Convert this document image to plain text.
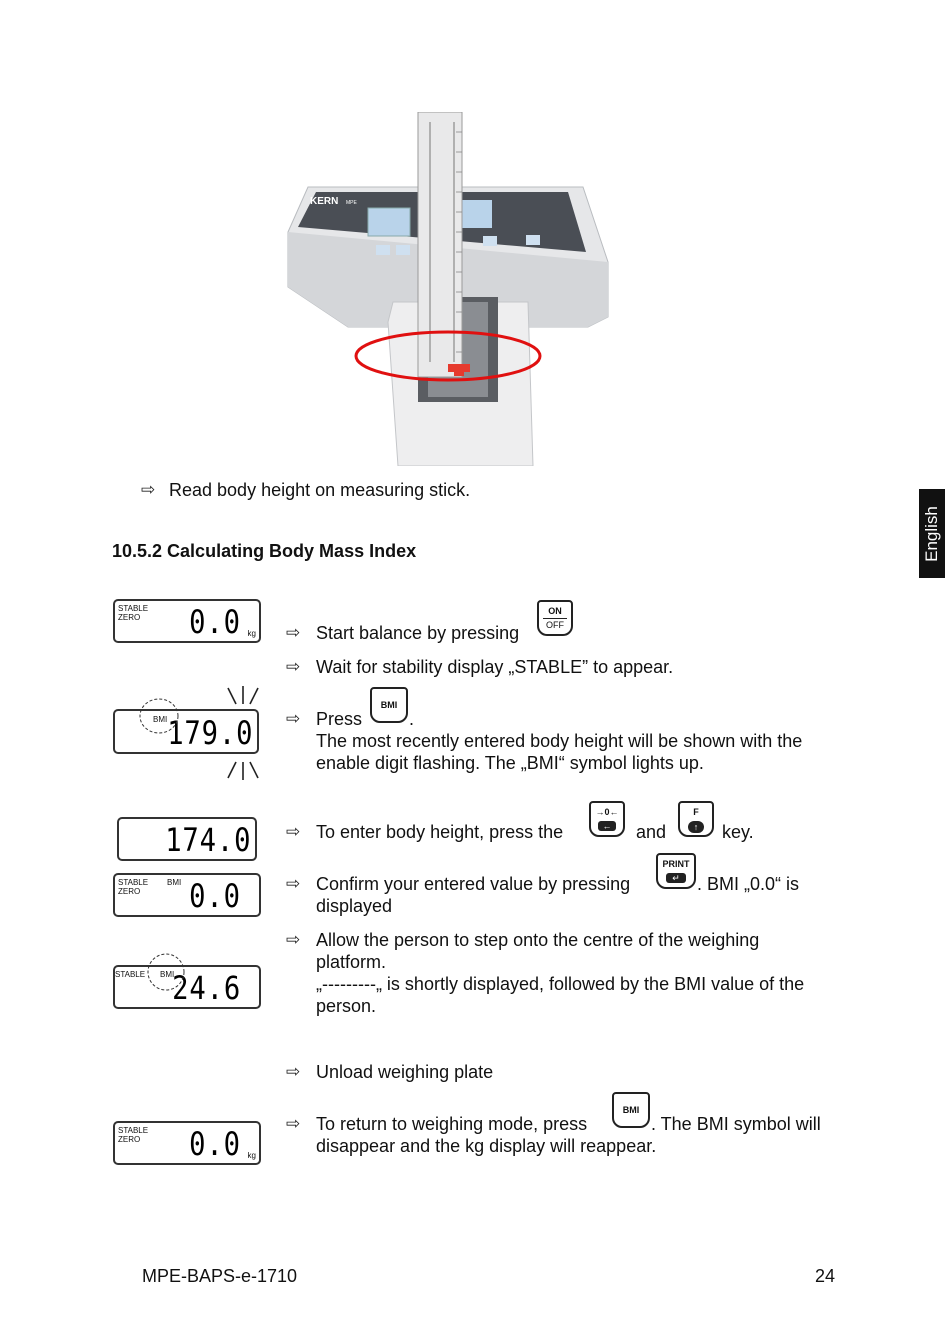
English
KERN MPE
⇨ Read body height on measuring stick.
10.5.2 Calculating Body Mass Index
STABLE
ZERO 0.0 kg ⇨ Start balance by pressing
ON
OFF
⇨ Wait for stability display „STABLE” to appear.
BMI 179.0 ⇨ Press
BMI
.
The most recently entered body height will be shown with the
enable digit flashing. The „BMI“ symbol lights up.
174.0 ⇨ To enter body height, press the
→0←
← and
F
↑	key.
STABLE
ZERO
BMI 0.0	⇨ Confirm your entered value by pressing
PRINT
↵ . BMI „0.0“ is
displayed
⇨ Allow the person to step onto the centre of the weighing
platform.
„---------„ is shortly displayed, followed by the BMI value of the
person.
STABLE BMI
24.6
⇨ Unload weighing plate
STABLE
ZERO 0.0 kg
⇨ To return to weighing mode, press
BMI
. The BMI symbol will
disappear and the kg display will reappear.
MPE-BAPS-e-1710	24
